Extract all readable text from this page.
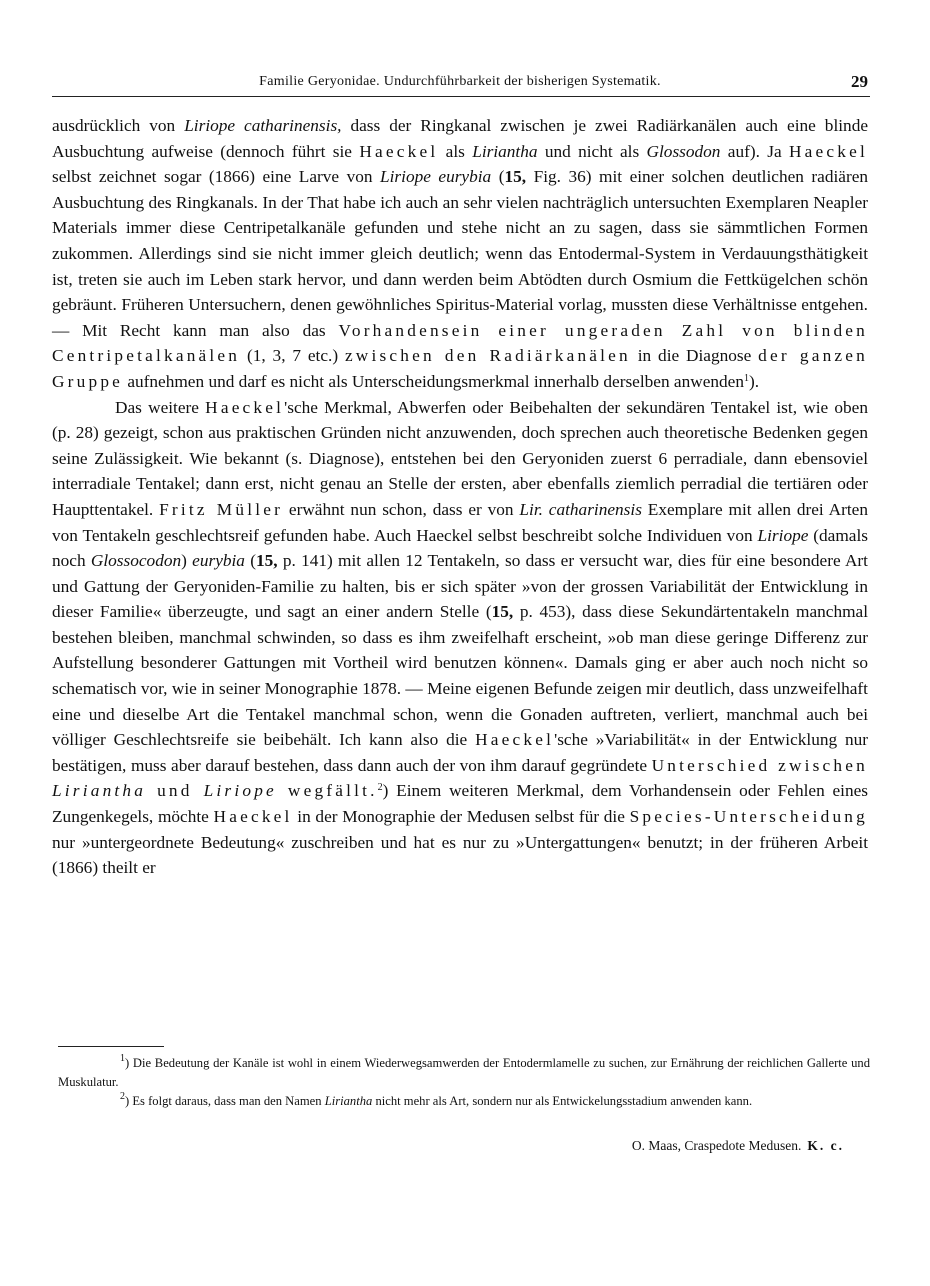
Familie Geryonidae. Undurchführbarkeit der bisherigen Systematik.	29

ausdrücklich von Liriope catharinensis, dass der Ringkanal zwischen je zwei Radiärkanälen auch eine blinde Ausbuchtung aufweise (dennoch führt sie Haeckel als Liriantha und nicht als Glossodon auf). Ja Haeckel selbst zeichnet sogar (1866) eine Larve von Liriope eurybia (15, Fig. 36) mit einer solchen deutlichen radiären Ausbuchtung des Ringkanals. In der That habe ich auch an sehr vielen nachträglich untersuchten Exemplaren Neapler Materials immer diese Centripetalkanäle gefunden und stehe nicht an zu sagen, dass sie sämmtlichen Formen zukommen. Allerdings sind sie nicht immer gleich deutlich; wenn das Entodermal-System in Verdauungsthätigkeit ist, treten sie auch im Leben stark hervor, und dann werden beim Abtödten durch Osmium die Fettkügelchen schön gebräunt. Früheren Untersuchern, denen gewöhnliches Spiritus-Material vorlag, mussten diese Verhältnisse entgehen. — Mit Recht kann man also das Vorhandensein einer ungeraden Zahl von blinden Centripetalkanälen (1, 3, 7 etc.) zwischen den Radiärkanälen in die Diagnose der ganzen Gruppe aufnehmen und darf es nicht als Unterscheidungsmerkmal innerhalb derselben anwenden$^1$).

Das weitere Haeckel'sche Merkmal, Abwerfen oder Beibehalten der sekundären Tentakel ist, wie oben (p. 28) gezeigt, schon aus praktischen Gründen nicht anzuwenden, doch sprechen auch theoretische Bedenken gegen seine Zulässigkeit. Wie bekannt (s. Diagnose), entstehen bei den Geryoniden zuerst 6 perradiale, dann ebensoviel interradiale Tentakel; dann erst, nicht genau an Stelle der ersten, aber ebenfalls ziemlich perradial die tertiären oder Haupttentakel. Fritz Müller erwähnt nun schon, dass er von Lir. catharinensis Exemplare mit allen drei Arten von Tentakeln geschlechtsreif gefunden habe. Auch Haeckel selbst beschreibt solche Individuen von Liriope (damals noch Glossocodon) eurybia (15, p. 141) mit allen 12 Tentakeln, so dass er versucht war, dies für eine besondere Art und Gattung der Geryoniden-Familie zu halten, bis er sich später »von der grossen Variabilität der Entwicklung in dieser Familie« überzeugte, und sagt an einer andern Stelle (15, p. 453), dass diese Sekundärtentakeln manchmal bestehen bleiben, manchmal schwinden, so dass es ihm zweifelhaft erscheint, »ob man diese geringe Differenz zur Aufstellung besonderer Gattungen mit Vortheil wird benutzen können«. Damals ging er aber auch noch nicht so schematisch vor, wie in seiner Monographie 1878. — Meine eigenen Befunde zeigen mir deutlich, dass unzweifelhaft eine und dieselbe Art die Tentakel manchmal schon, wenn die Gonaden auftreten, verliert, manchmal auch bei völliger Geschlechtsreife sie beibehält. Ich kann also die Haeckel'sche »Variabilität« in der Entwicklung nur bestätigen, muss aber darauf bestehen, dass dann auch der von ihm darauf gegründete Unterschied zwischen Liriantha und Liriope wegfällt.$^2$) Einem weiteren Merkmal, dem Vorhandensein oder Fehlen eines Zungenkegels, möchte Haeckel in der Monographie der Medusen selbst für die Species-Unterscheidung nur »untergeordnete Bedeutung« zuschreiben und hat es nur zu »Untergattungen« benutzt; in der früheren Arbeit (1866) theilt er

$^1$) Die Bedeutung der Kanäle ist wohl in einem Wiederwegsamwerden der Entodermlamelle zu suchen, zur Ernährung der reichlichen Gallerte und Muskulatur.

$^2$) Es folgt daraus, dass man den Namen Liriantha nicht mehr als Art, sondern nur als Entwickelungsstadium anwenden kann.

O. Maas, Craspedote Medusen. K. c.
